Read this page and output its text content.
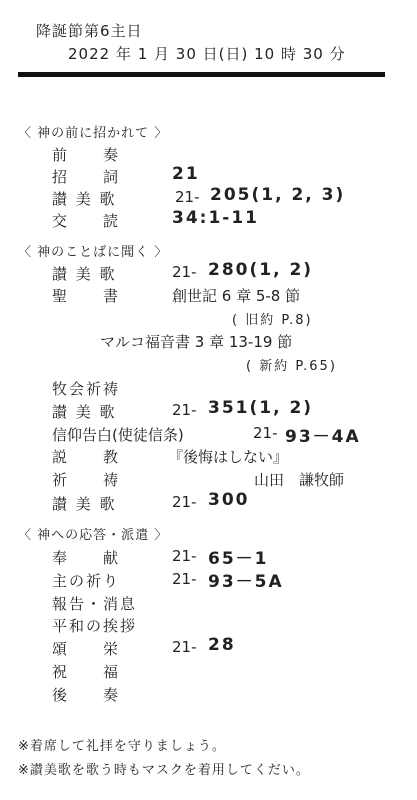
降誕節第6主日
2022 年 1 月 30 日(日) 10 時 30 分
〈 神の前に招かれて 〉
前　　奏
招　　詞	21
讃 美 歌	21- 205(1, 2, 3)
交　　読	34:1-11
〈 神のことばに聞く 〉
讃 美 歌	21- 280(1, 2)
聖　　書	創世記 6 章 5-8 節
( 旧約 P.8)
マルコ福音書 3 章 13-19 節
( 新約 P.65)
牧会祈祷
讃 美 歌	21- 351(1, 2)
信仰告白(使徒信条)	21- 93－4A
説　　教	『後悔はしない』
祈　　祷	山田　謙牧師
讃 美 歌	21- 300
〈 神への応答・派遣 〉
奉　　献	21- 65－1
主の祈り	21- 93－5A
報告・消息
平和の挨拶
頌　　栄	21- 28
祝　　福
後　　奏
※着席して礼拝を守りましょう。
※讃美歌を歌う時もマスクを着用してくだい。
